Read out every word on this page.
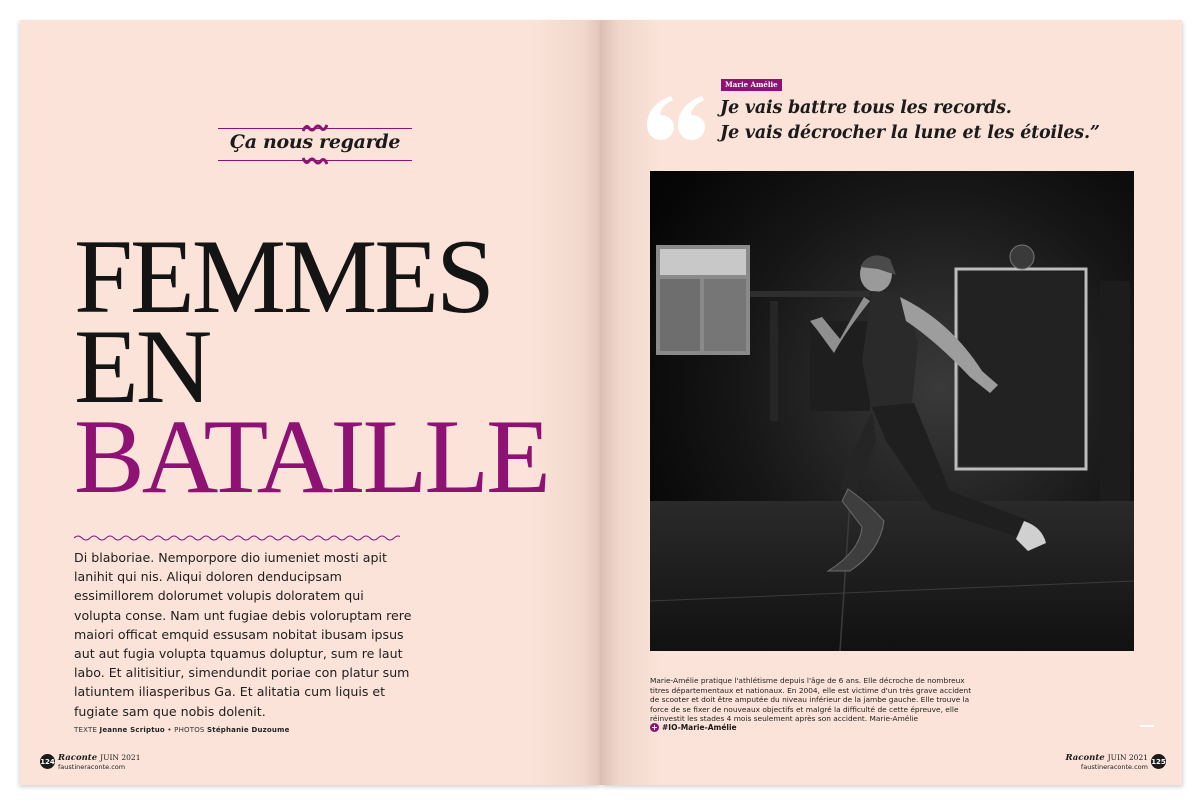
Ça nous regarde
FEMMES
EN
BATAILLE

Di blaboriae. Nemporpore dio iumeniet mosti apit lanihit qui nis. Aliqui doloren denducipsam essimillorem dolorumet volupis doloratem qui volupta conse. Nam unt fugiae debis voloruptam rere maiori officat emquid essusam nobitat ibusam ipsus aut aut fugia volupta tquamus doluptur, sum re laut labo. Et alitisitiur, simendundit poriae con platur sum latiuntem iliasperibus Ga. Et alitatia cum liquis et fugiate sam que nobis dolenit.

TEXTE Jeanne Scriptuo • PHOTOS Stéphanie Duzoume
124 Raconte JUIN 2021
faustineraconte.com
Marie Amélie
Je vais battre tous les records.
Je vais décrocher la lune et les étoiles.”

Marie-Amélie pratique l'athlétisme depuis l'âge de 6 ans. Elle décroche de nombreux titres départementaux et nationaux. En 2004, elle est victime d'un très grave accident de scooter et doit être amputée du niveau inférieur de la jambe gauche. Elle trouve la force de se fixer de nouveaux objectifs et malgré la difficulté de cette épreuve, elle réinvestit les stades 4 mois seulement après son accident. Marie-Amélie

+ #IO-Marie-Amélie
Raconte JUIN 2021
faustineraconte.com
125
